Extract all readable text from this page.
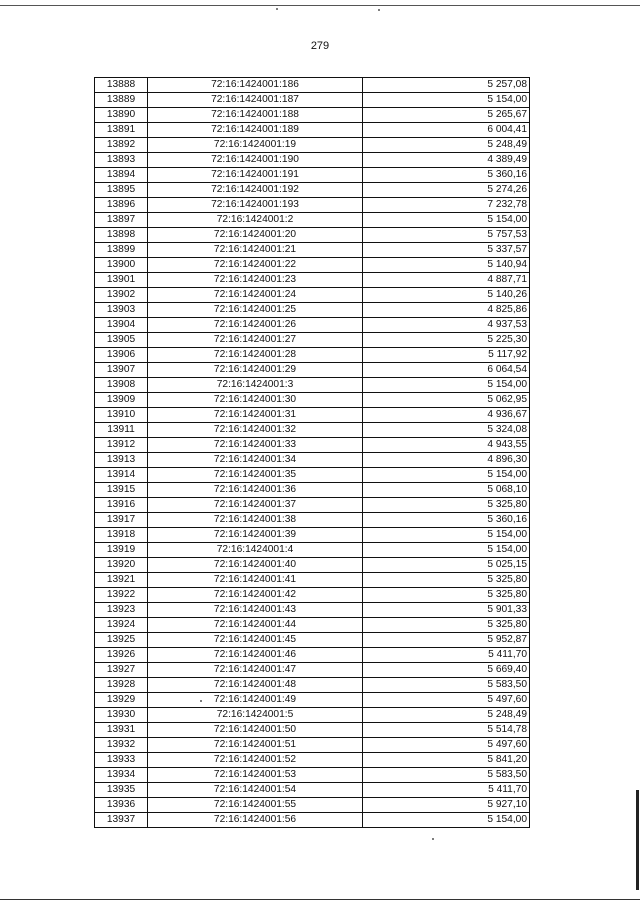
279
13888	72:16:1424001:186	5 257,08
13889	72:16:1424001:187	5 154,00
13890	72:16:1424001:188	5 265,67
13891	72:16:1424001:189	6 004,41
13892	72:16:1424001:19	5 248,49
13893	72:16:1424001:190	4 389,49
13894	72:16:1424001:191	5 360,16
13895	72:16:1424001:192	5 274,26
13896	72:16:1424001:193	7 232,78
13897	72:16:1424001:2	5 154,00
13898	72:16:1424001:20	5 757,53
13899	72:16:1424001:21	5 337,57
13900	72:16:1424001:22	5 140,94
13901	72:16:1424001:23	4 887,71
13902	72:16:1424001:24	5 140,26
13903	72:16:1424001:25	4 825,86
13904	72:16:1424001:26	4 937,53
13905	72:16:1424001:27	5 225,30
13906	72:16:1424001:28	5 117,92
13907	72:16:1424001:29	6 064,54
13908	72:16:1424001:3	5 154,00
13909	72:16:1424001:30	5 062,95
13910	72:16:1424001:31	4 936,67
13911	72:16:1424001:32	5 324,08
13912	72:16:1424001:33	4 943,55
13913	72:16:1424001:34	4 896,30
13914	72:16:1424001:35	5 154,00
13915	72:16:1424001:36	5 068,10
13916	72:16:1424001:37	5 325,80
13917	72:16:1424001:38	5 360,16
13918	72:16:1424001:39	5 154,00
13919	72:16:1424001:4	5 154,00
13920	72:16:1424001:40	5 025,15
13921	72:16:1424001:41	5 325,80
13922	72:16:1424001:42	5 325,80
13923	72:16:1424001:43	5 901,33
13924	72:16:1424001:44	5 325,80
13925	72:16:1424001:45	5 952,87
13926	72:16:1424001:46	5 411,70
13927	72:16:1424001:47	5 669,40
13928	72:16:1424001:48	5 583,50
13929	72:16:1424001:49	5 497,60
13930	72:16:1424001:5	5 248,49
13931	72:16:1424001:50	5 514,78
13932	72:16:1424001:51	5 497,60
13933	72:16:1424001:52	5 841,20
13934	72:16:1424001:53	5 583,50
13935	72:16:1424001:54	5 411,70
13936	72:16:1424001:55	5 927,10
13937	72:16:1424001:56	5 154,00
